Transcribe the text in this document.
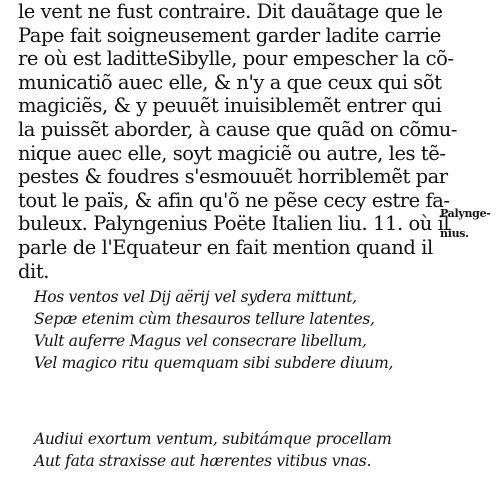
le vent ne fust contraire. Dit dauãtage que le
Pape fait soigneusement garder ladite carrie
re où est laditteSibylle, pour empescher la cõ-
municatiõ auec elle, & n'y a que ceux qui sõt
magiciẽs, & y peuuẽt inuisiblemẽt entrer qui
la puissẽt aborder, à cause que quãd on cõmu-
nique auec elle, soyt magiciẽ ou autre, les tẽ-
pestes & foudres s'esmouuẽt horriblemẽt par
tout le païs, & afin qu'õ ne pẽse cecy estre fa-
buleux. Palyngenius Poëte Italien liu. 11. où il
parle de l'Equateur en fait mention quand il
dit.
Palynge-
nius.
Hos ventos vel Dij aërij vel sydera mittunt,
Sepæ etenim cùm thesauros tellure latentes,
Vult auferre Magus vel consecrare libellum,
Vel magico ritu quemquam sibi subdere diuum,
Audiui exortum ventum, subitámque procellam
Aut fata straxisse aut hærentes vitibus vnas.
